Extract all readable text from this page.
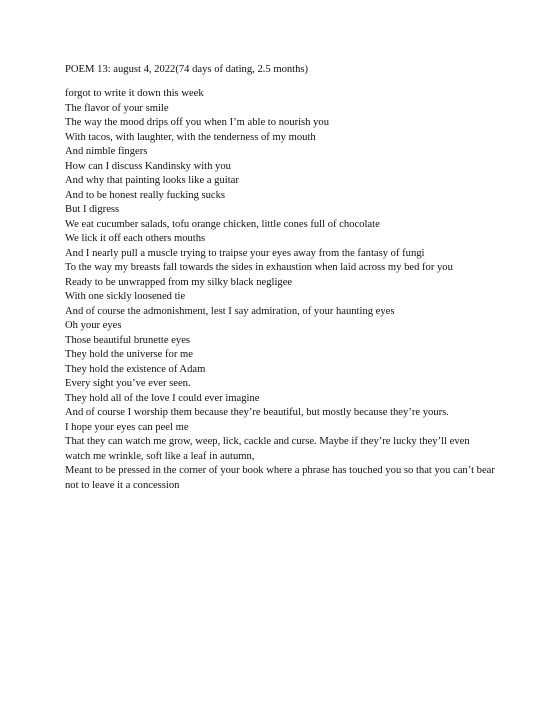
POEM 13: august 4, 2022(74 days of dating, 2.5 months)
forgot to write it down this week
The flavor of your smile
The way the mood drips off you when I’m able to nourish you
With tacos, with laughter, with the tenderness of my mouth
And nimble fingers
How can I discuss Kandinsky with you
And why that painting looks like a guitar
And to be honest really fucking sucks
But I digress
We eat cucumber salads, tofu orange chicken, little cones full of chocolate
We lick it off each others mouths
And I nearly pull a muscle trying to traipse your eyes away from the fantasy of fungi
To the way my breasts fall towards the sides in exhaustion when laid across my bed for you
Ready to be unwrapped from my silky black negligee
With one sickly loosened tie
And of course the admonishment, lest I say admiration, of your haunting eyes
Oh your eyes
Those beautiful brunette eyes
They hold the universe for me
They hold the existence of Adam
Every sight you’ve ever seen.
They hold all of the love I could ever imagine
And of course I worship them because they’re beautiful, but mostly because they’re yours.
I hope your eyes can peel me
That they can watch me grow, weep, lick, cackle and curse. Maybe if they’re lucky they’ll even watch me wrinkle, soft like a leaf in autumn,
Meant to be pressed in the corner of your book where a phrase has touched you so that you can’t bear not to leave it a concession
